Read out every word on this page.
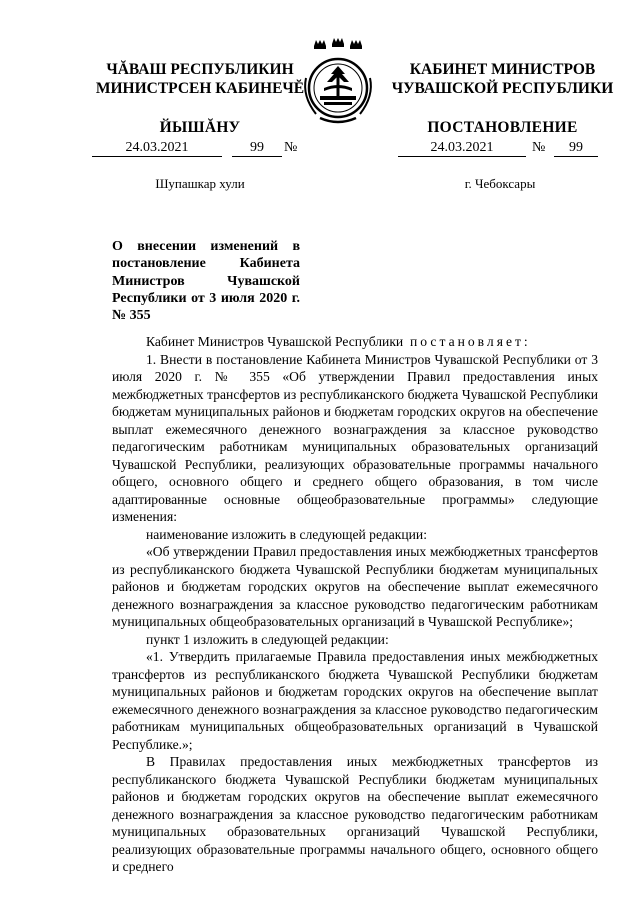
ЧĂВАШ РЕСПУБЛИКИН
МИНИСТРСЕН КАБИНЕЧĔ
ЙЫШĂНУ
КАБИНЕТ МИНИСТРОВ
ЧУВАШСКОЙ РЕСПУБЛИКИ
ПОСТАНОВЛЕНИЕ
24.03.2021	99	№	24.03.2021	№	99
Шупашкар хули	г. Чебоксары
О внесении изменений в постановление Кабинета Министров Чувашской Республики от 3 июля 2020 г. № 355

Кабинет Министров Чувашской Республики постановляет:

1. Внести в постановление Кабинета Министров Чувашской Республики от 3 июля 2020 г. № 355 «Об утверждении Правил предоставления иных межбюджетных трансфертов из республиканского бюджета Чувашской Республики бюджетам муниципальных районов и бюджетам городских округов на обеспечение выплат ежемесячного денежного вознаграждения за классное руководство педагогическим работникам муниципальных образовательных организаций Чувашской Республики, реализующих образовательные программы начального общего, основного общего и среднего общего образования, в том числе адаптированные основные общеобразовательные программы» следующие изменения:

наименование изложить в следующей редакции:

«Об утверждении Правил предоставления иных межбюджетных трансфертов из республиканского бюджета Чувашской Республики бюджетам муниципальных районов и бюджетам городских округов на обеспечение выплат ежемесячного денежного вознаграждения за классное руководство педагогическим работникам муниципальных общеобразовательных организаций в Чувашской Республике»;

пункт 1 изложить в следующей редакции:

«1. Утвердить прилагаемые Правила предоставления иных межбюджетных трансфертов из республиканского бюджета Чувашской Республики бюджетам муниципальных районов и бюджетам городских округов на обеспечение выплат ежемесячного денежного вознаграждения за классное руководство педагогическим работникам муниципальных общеобразовательных организаций в Чувашской Республике.»;

В Правилах предоставления иных межбюджетных трансфертов из республиканского бюджета Чувашской Республики бюджетам муниципальных районов и бюджетам городских округов на обеспечение выплат ежемесячного денежного вознаграждения за классное руководство педагогическим работникам муниципальных образовательных организаций Чувашской Республики, реализующих образовательные программы начального общего, основного общего и среднего
